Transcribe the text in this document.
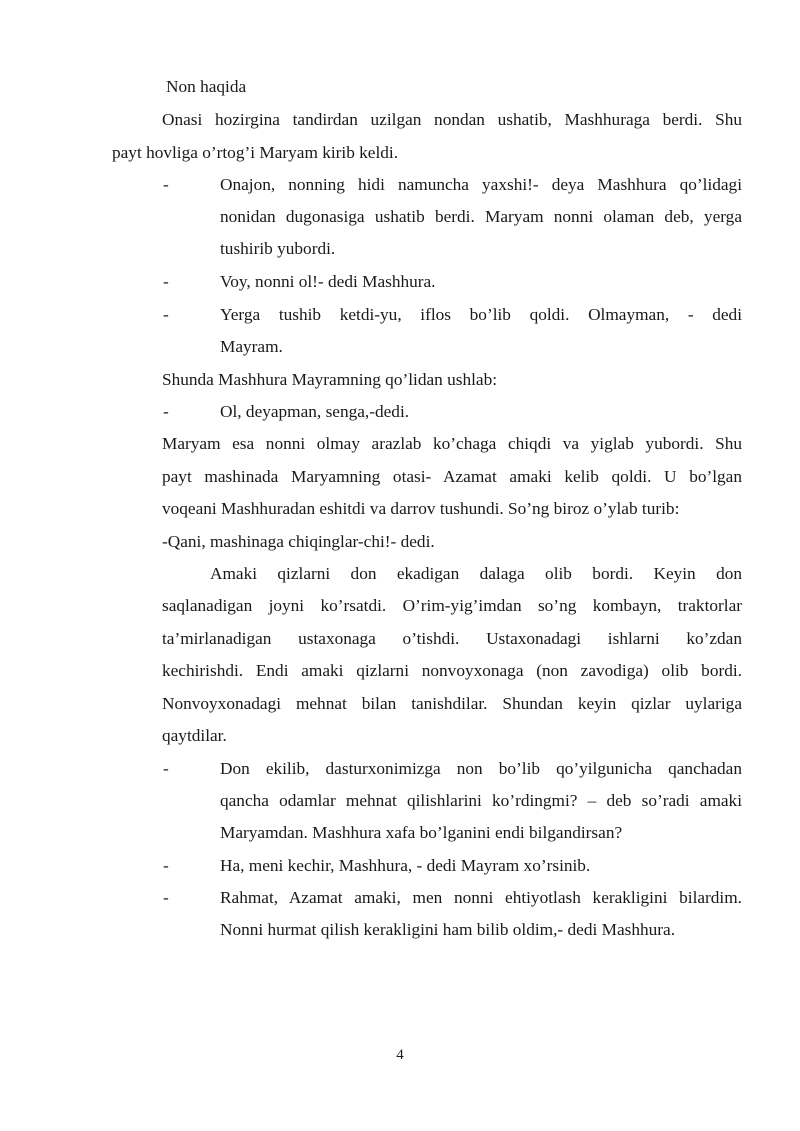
Non haqida
Onasi hozirgina tandirdan uzilgan nondan ushatib, Mashhuraga berdi. Shu
payt hovliga o’rtog’i Maryam kirib keldi.
-	Onajon, nonning hidi namuncha yaxshi!- deya Mashhura qo’lidagi
nonidan dugonasiga ushatib berdi. Maryam nonni olaman deb, yerga
tushirib yubordi.
-	Voy, nonni ol!- dedi Mashhura.
-	Yerga tushib ketdi-yu, iflos bo’lib qoldi. Olmayman, - dedi
Mayram.
Shunda Mashhura Mayramning qo’lidan ushlab:
-	Ol, deyapman, senga,-dedi.
Maryam esa nonni olmay arazlab ko’chaga chiqdi va yiglab yubordi. Shu
payt mashinada Maryamning otasi- Azamat amaki kelib qoldi. U bo’lgan
voqeani Mashhuradan eshitdi va darrov tushundi. So’ng biroz o’ylab turib:
-Qani, mashinaga chiqinglar-chi!- dedi.
Amaki qizlarni don ekadigan dalaga olib bordi. Keyin don
saqlanadigan joyni ko’rsatdi. O’rim-yig’imdan so’ng kombayn, traktorlar
ta’mirlanadigan ustaxonaga o’tishdi. Ustaxonadagi ishlarni ko’zdan
kechirishdi. Endi amaki qizlarni nonvoyxonaga (non zavodiga) olib bordi.
Nonvoyxonadagi mehnat bilan tanishdilar. Shundan keyin qizlar uylariga
qaytdilar.
-	Don ekilib, dasturxonimizga non bo’lib qo’yilgunicha qanchadan
qancha odamlar mehnat qilishlarini ko’rdingmi? – deb so’radi amaki
Maryamdan. Mashhura xafa bo’lganini endi bilgandirsan?
-	Ha, meni kechir, Mashhura, - dedi Mayram xo’rsinib.
-	Rahmat, Azamat amaki, men nonni ehtiyotlash kerakligini bilardim.
Nonni hurmat qilish kerakligini ham bilib oldim,- dedi Mashhura.
4
